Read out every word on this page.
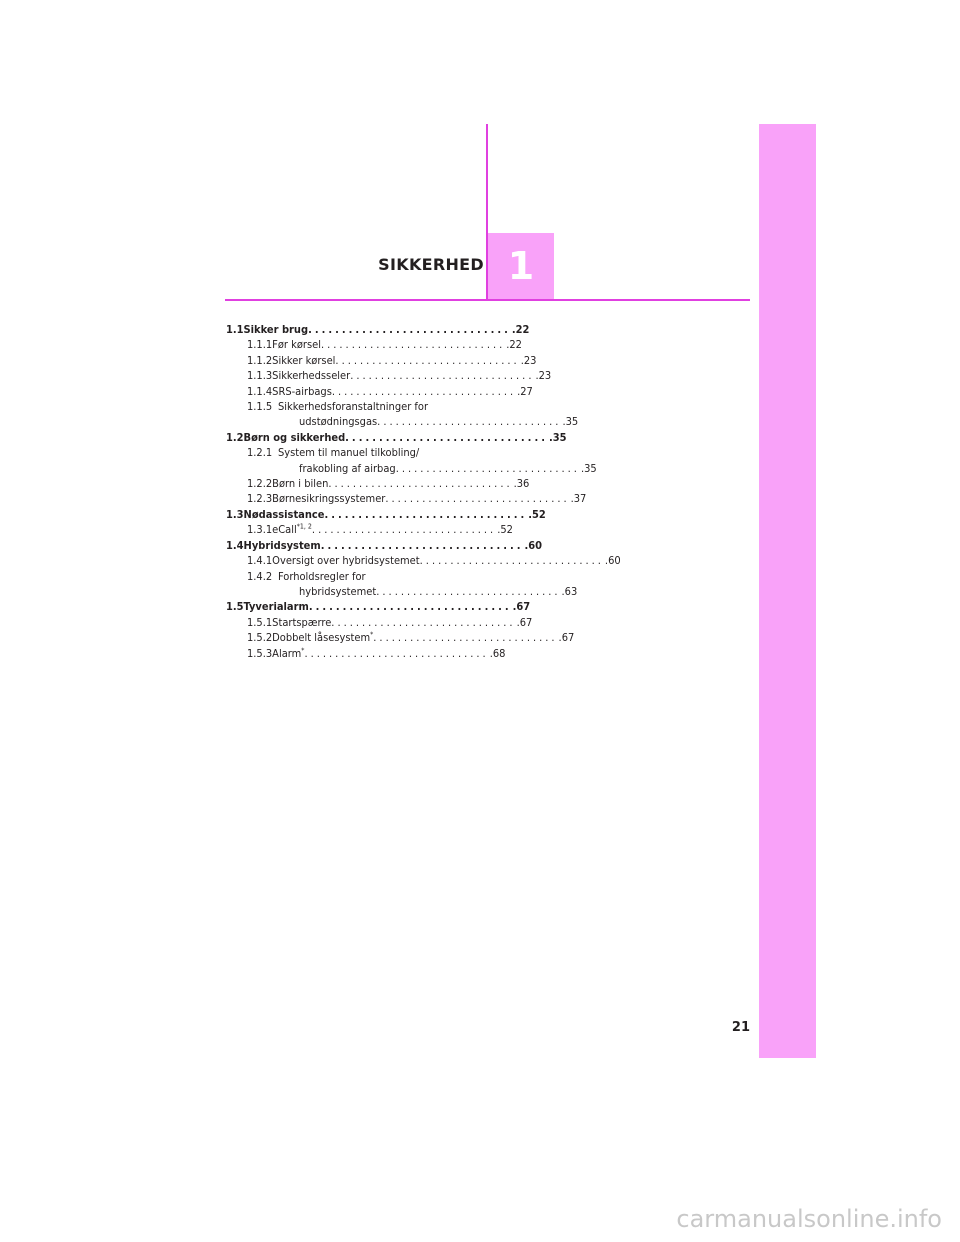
SIKKERHED 1
1.1 Sikker brug .............................. .22
1.1.1 Før kørsel .............................. .22
1.1.2 Sikker kørsel .............................. .23
1.1.3 Sikkerhedsseler .............................. .23
1.1.4 SRS-airbags .............................. .27
1.1.5 Sikkerhedsforanstaltninger for
udstødningsgas .............................. .35
1.2 Børn og sikkerhed .............................. .35
1.2.1 System til manuel tilkobling/
frakobling af airbag .............................. .35
1.2.2 Børn i bilen .............................. .36
1.2.3 Børnesikringssystemer .............................. .37
1.3 Nødassistance .............................. .52
1.3.1 eCall$^{*1, 2}$ .............................. .52
1.4 Hybridsystem .............................. .60
1.4.1 Oversigt over hybridsystemet .............................. .60
1.4.2 Forholdsregler for
hybridsystemet .............................. .63
1.5 Tyverialarm .............................. .67
1.5.1 Startspærre .............................. .67
1.5.2 Dobbelt låsesystem* .............................. .67
1.5.3 Alarm* .............................. .68
21
carmanualsonline.info
